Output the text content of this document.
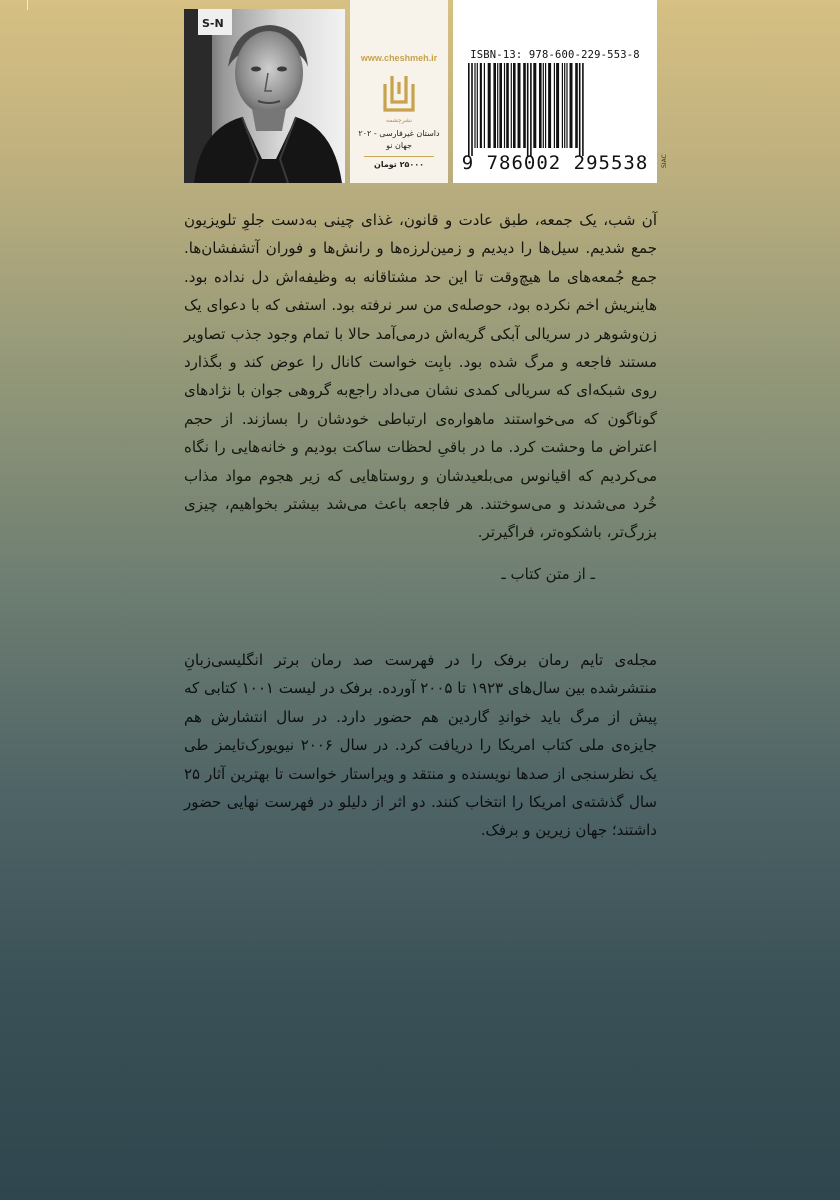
S-N
www.cheshmeh.ir
نشرچشمه
داستان غیرفارسی - ۲۰۲
جهان نو
۲۵۰۰۰ تومان
ISBN-13: 978-600-229-553-8
9 786002 295538	SIAC

آن شب، یک جمعه، طبق عادت و قانون، غذای چینی به‌دست جلوِ تلویزیون جمع شدیم. سیل‌ها را دیدیم و زمین‌لرزه‌ها و رانش‌ها و فوران آتشفشان‌ها. جمع جُمعه‌های ما هیچ‌وقت تا این حد مشتاقانه به وظیفه‌اش دل نداده بود. هاینریش اخم نکرده بود، حوصله‌ی من سر نرفته بود. استفی که با دعوای یک زن‌وشوهر در سریالی آبکی گریه‌اش درمی‌آمد حالا با تمام وجود جذب تصاویر مستند فاجعه و مرگ شده بود. بابِت خواست کانال را عوض کند و بگذارد روی شبکه‌ای که سریالی کمدی نشان می‌داد راجع‌به گروهی جوان با نژادهای گوناگون که می‌خواستند ماهواره‌ی ارتباطی خودشان را بسازند. از حجم اعتراض ما وحشت کرد. ما در باقیِ لحظات ساکت بودیم و خانه‌هایی را نگاه می‌کردیم که اقیانوس می‌بلعیدشان و روستاهایی که زیر هجوم مواد مذاب خُرد می‌شدند و می‌سوختند. هر فاجعه باعث می‌شد بیشتر بخواهیم، چیزی بزرگ‌تر، باشکوه‌تر، فراگیرتر.

ـ از متن کتاب ـ

مجله‌ی تایم رمان برفک را در فهرست صد رمان برتر انگلیسی‌زبانِ منتشرشده بین سال‌های ۱۹۲۳ تا ۲۰۰۵ آورده. برفک در لیست ۱۰۰۱ کتابی که پیش از مرگ باید خواندِ گاردین هم حضور دارد. در سال انتشارش هم جایزه‌ی ملی کتاب امریکا را دریافت کرد. در سال ۲۰۰۶ نیویورک‌تایمز طی یک نظرسنجی از صدها نویسنده و منتقد و ویراستار خواست تا بهترین آثار ۲۵ سال گذشته‌ی امریکا را انتخاب کنند. دو اثر از دلیلو در فهرست نهایی حضور داشتند؛ جهان زیرین و برفک.
